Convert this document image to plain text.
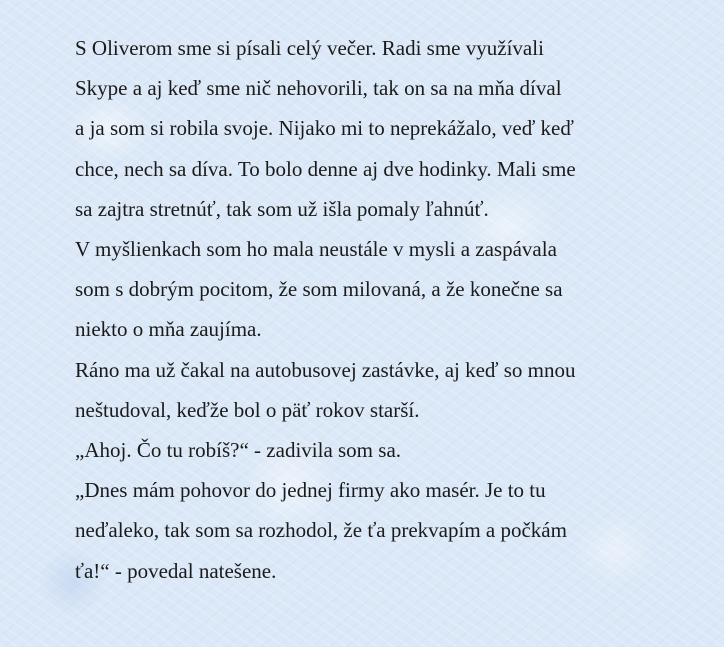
S Oliverom sme si písali celý večer. Radi sme využívali
Skype a aj keď sme nič nehovorili, tak on sa na mňa díval
a ja som si robila svoje. Nijako mi to neprekážalo, veď keď
chce, nech sa díva. To bolo denne aj dve hodinky. Mali sme
sa zajtra stretnúť, tak som už išla pomaly ľahnúť.
V myšlienkach som ho mala neustále v mysli a zaspávala
som s dobrým pocitom, že som milovaná, a že konečne sa
niekto o mňa zaujíma.
Ráno ma už čakal na autobusovej zastávke, aj keď so mnou
neštudoval, keďže bol o päť rokov starší.
„Ahoj. Čo tu robíš?“ - zadivila som sa.
„Dnes mám pohovor do jednej firmy ako masér. Je to tu
neďaleko, tak som sa rozhodol, že ťa prekvapím a počkám
ťa!“ - povedal natešene.
